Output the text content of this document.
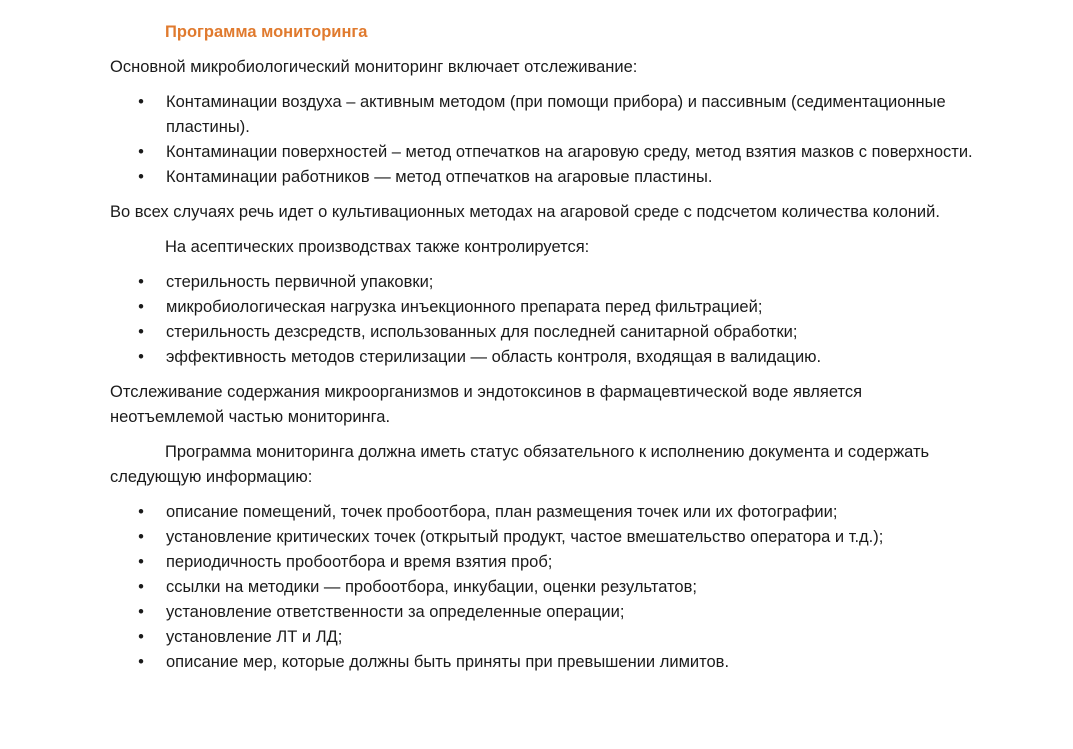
Программа мониторинга

Основной микробиологический мониторинг включает отслеживание:

• Контаминации воздуха – активным методом (при помощи прибора) и пассивным (седиментационные пластины).
• Контаминации поверхностей – метод отпечатков на агаровую среду, метод взятия мазков с поверхности.
• Контаминации работников — метод отпечатков на агаровые пластины.

Во всех случаях речь идет о культивационных методах на агаровой среде с подсчетом количества колоний.

На асептических производствах также контролируется:

• стерильность первичной упаковки;
• микробиологическая нагрузка инъекционного препарата перед фильтрацией;
• стерильность дезсредств, использованных для последней санитарной обработки;
• эффективность методов стерилизации — область контроля, входящая в валидацию.

Отслеживание содержания микроорганизмов и эндотоксинов в фармацевтической воде является неотъемлемой частью мониторинга.

Программа мониторинга должна иметь статус обязательного к исполнению документа и содержать следующую информацию:

• описание помещений, точек пробоотбора, план размещения точек или их фотографии;
• установление критических точек (открытый продукт, частое вмешательство оператора и т.д.);
• периодичность пробоотбора и время взятия проб;
• ссылки на методики — пробоотбора, инкубации, оценки результатов;
• установление ответственности за определенные операции;
• установление ЛТ и ЛД;
• описание мер, которые должны быть приняты при превышении лимитов.
